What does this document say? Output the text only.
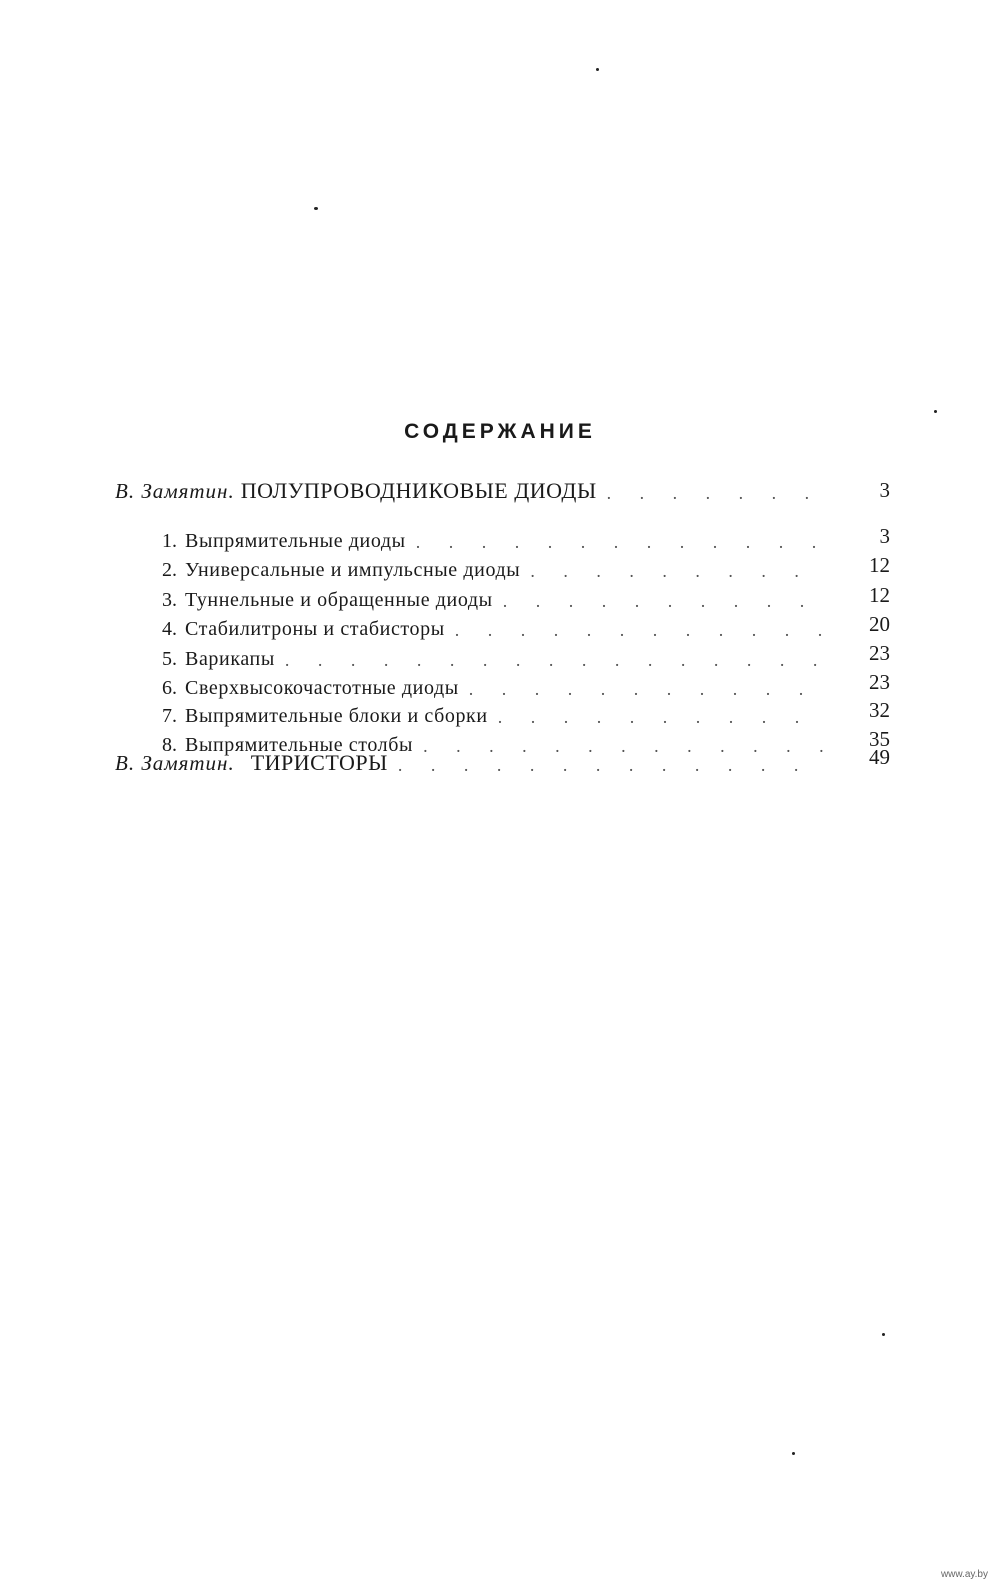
СОДЕРЖАНИЕ
В. Замятин. ПОЛУПРОВОДНИКОВЫЕ ДИОДЫ . . .	3
1. Выпрямительные диоды . . .	3
2. Универсальные и импульсные диоды . . .	12
3. Туннельные и обращенные диоды . . .	12
4. Стабилитроны и стабисторы . . .	20
5. Варикапы . . .	23
6. Сверхвысокочастотные диоды . . .	23
7. Выпрямительные блоки и сборки . . .	32
8. Выпрямительные столбы . . .	35
В. Замятин. ТИРИСТОРЫ . . .	49
www.ay.by
